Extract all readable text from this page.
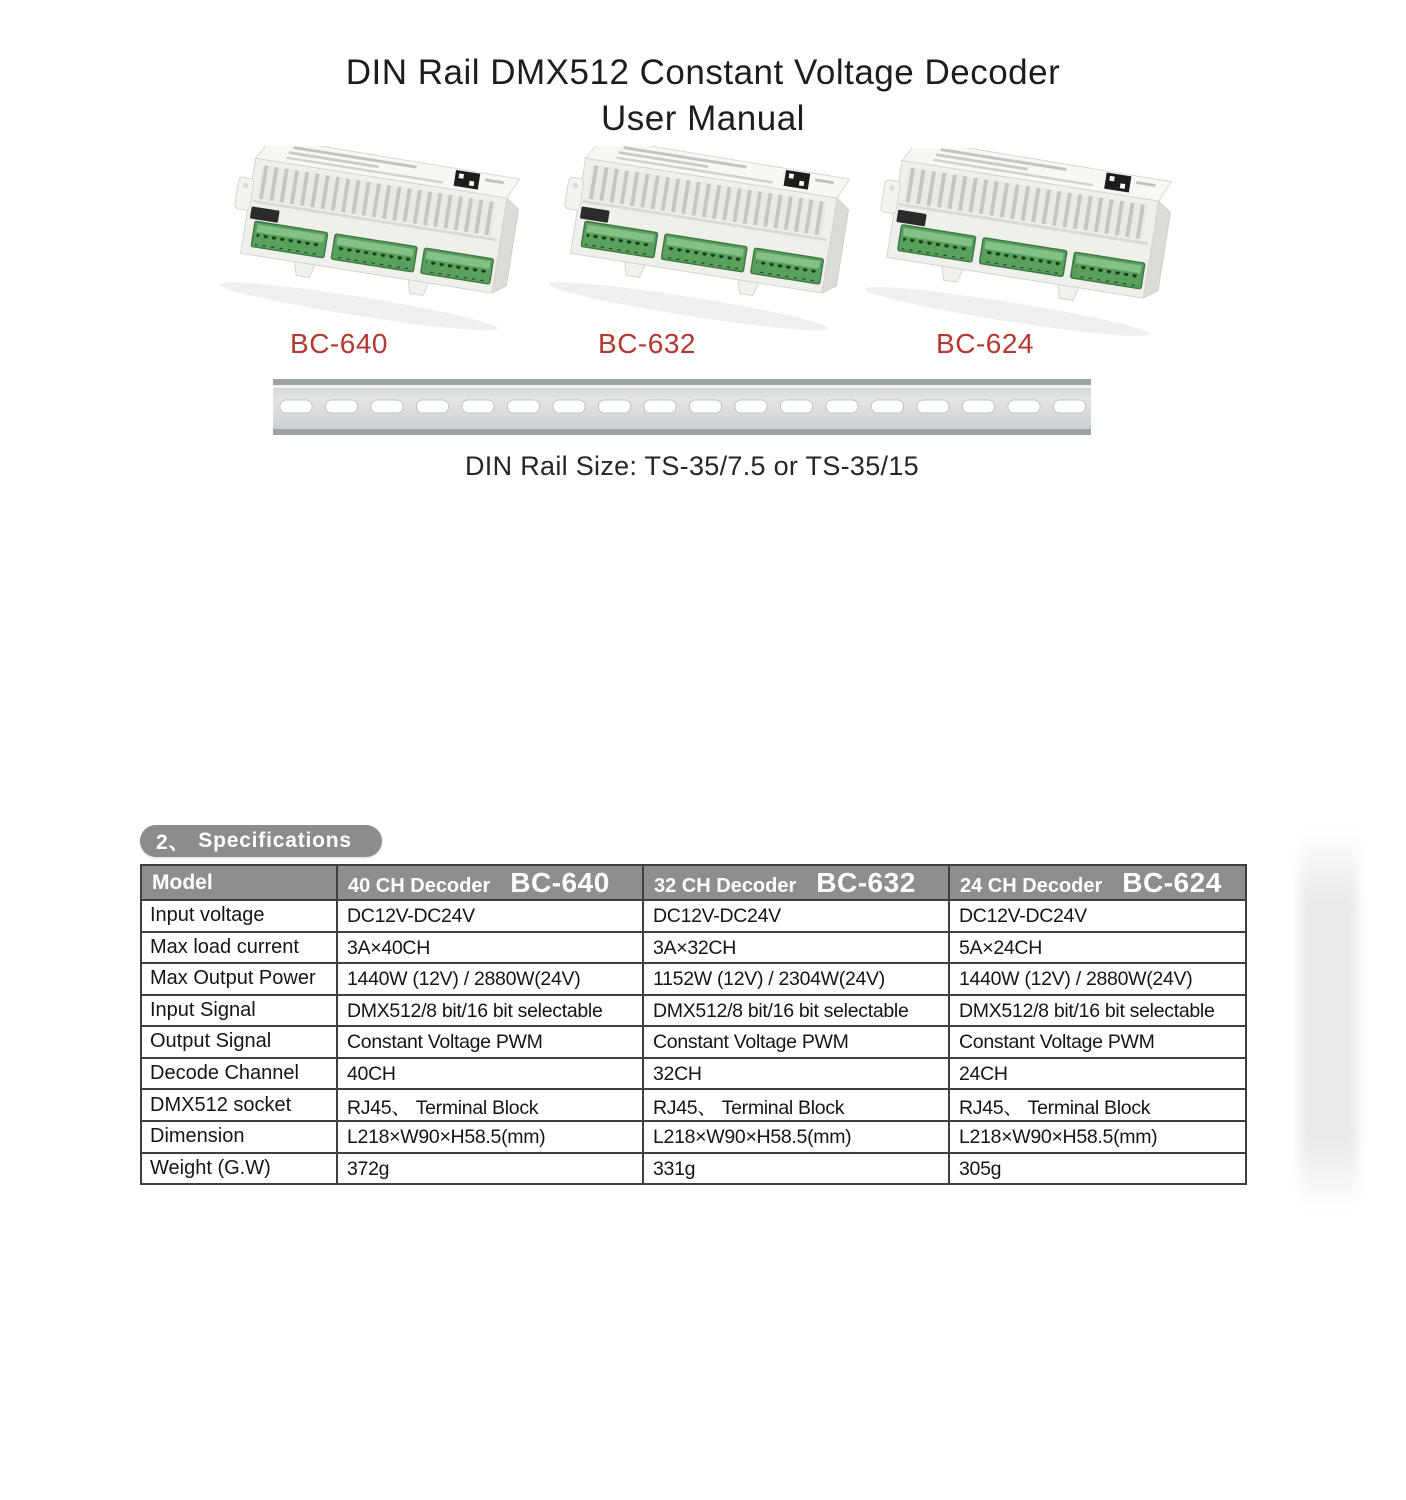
DIN Rail DMX512 Constant Voltage Decoder
User Manual
BC-640	BC-632	BC-624
DIN Rail Size: TS-35/7.5 or TS-35/15
2、 Specifications
Model	40 CH Decoder BC-640	32 CH Decoder BC-632	24 CH Decoder BC-624
Input voltage	DC12V-DC24V	DC12V-DC24V	DC12V-DC24V
Max load current	3A×40CH	3A×32CH	5A×24CH
Max Output Power	1440W (12V) / 2880W(24V)	1152W (12V) / 2304W(24V)	1440W (12V) / 2880W(24V)
Input Signal	DMX512/8 bit/16 bit selectable	DMX512/8 bit/16 bit selectable	DMX512/8 bit/16 bit selectable
Output Signal	Constant Voltage PWM	Constant Voltage PWM	Constant Voltage PWM
Decode Channel	40CH	32CH	24CH
DMX512 socket	RJ45、 Terminal Block	RJ45、 Terminal Block	RJ45、 Terminal Block
Dimension	L218×W90×H58.5(mm)	L218×W90×H58.5(mm)	L218×W90×H58.5(mm)
Weight (G.W)	372g	331g	305g
